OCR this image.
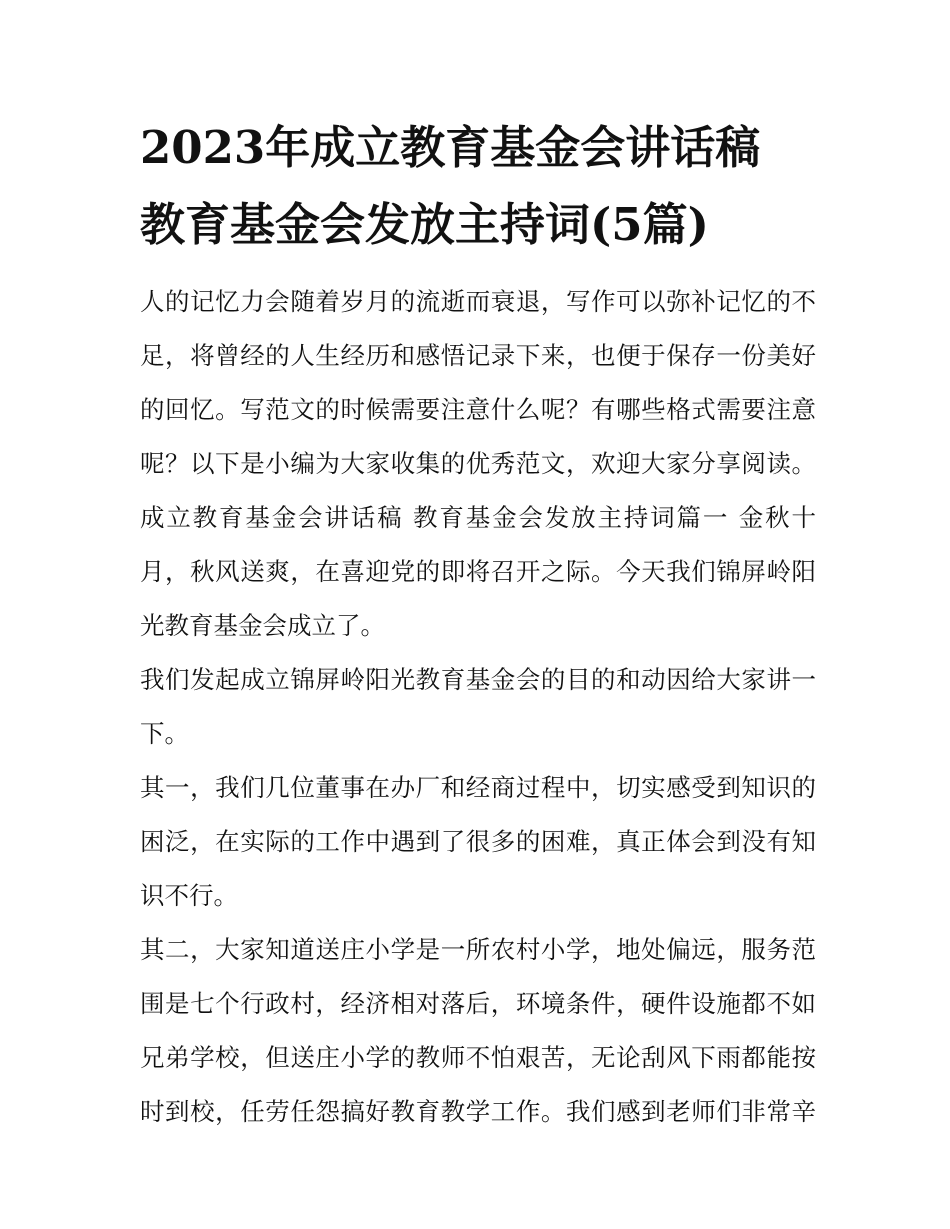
2023年成立教育基金会讲话稿
教育基金会发放主持词(5篇)

人的记忆力会随着岁月的流逝而衰退，写作可以弥补记忆的不

足，将曾经的人生经历和感悟记录下来，也便于保存一份美好

的回忆。写范文的时候需要注意什么呢？有哪些格式需要注意

呢？以下是小编为大家收集的优秀范文，欢迎大家分享阅读。

成立教育基金会讲话稿 教育基金会发放主持词篇一 金秋十

月，秋风送爽，在喜迎党的即将召开之际。今天我们锦屏岭阳

光教育基金会成立了。

我们发起成立锦屏岭阳光教育基金会的目的和动因给大家讲一

下。

其一，我们几位董事在办厂和经商过程中，切实感受到知识的

困泛，在实际的工作中遇到了很多的困难，真正体会到没有知

识不行。

其二，大家知道送庄小学是一所农村小学，地处偏远，服务范

围是七个行政村，经济相对落后，环境条件，硬件设施都不如

兄弟学校，但送庄小学的教师不怕艰苦，无论刮风下雨都能按

时到校，任劳任怨搞好教育教学工作。我们感到老师们非常辛
